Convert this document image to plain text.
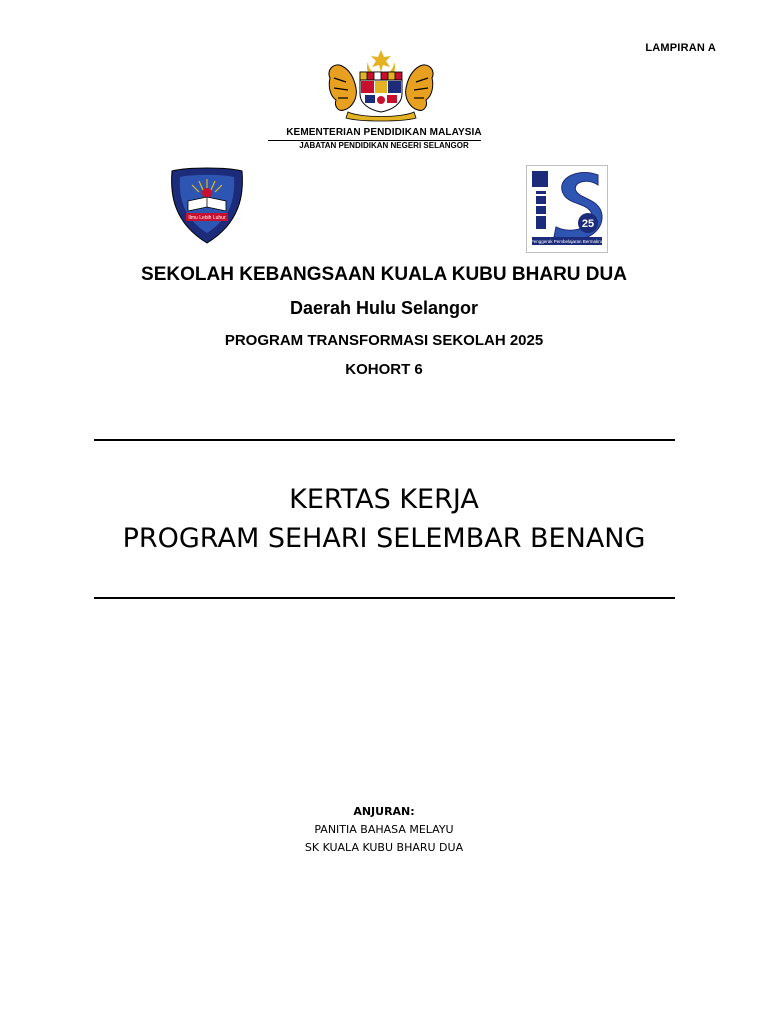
LAMPIRAN A
KEMENTERIAN PENDIDIKAN MALAYSIA
JABATAN PENDIDIKAN NEGERI SELANGOR
Ilmu Lebih Luhur	25
Penggerak Pembelajaran Bermakna
SEKOLAH KEBANGSAAN KUALA KUBU BHARU DUA
Daerah Hulu Selangor
PROGRAM TRANSFORMASI SEKOLAH 2025
KOHORT 6
KERTAS KERJA
PROGRAM SEHARI SELEMBAR BENANG
ANJURAN:
PANITIA BAHASA MELAYU
SK KUALA KUBU BHARU DUA
